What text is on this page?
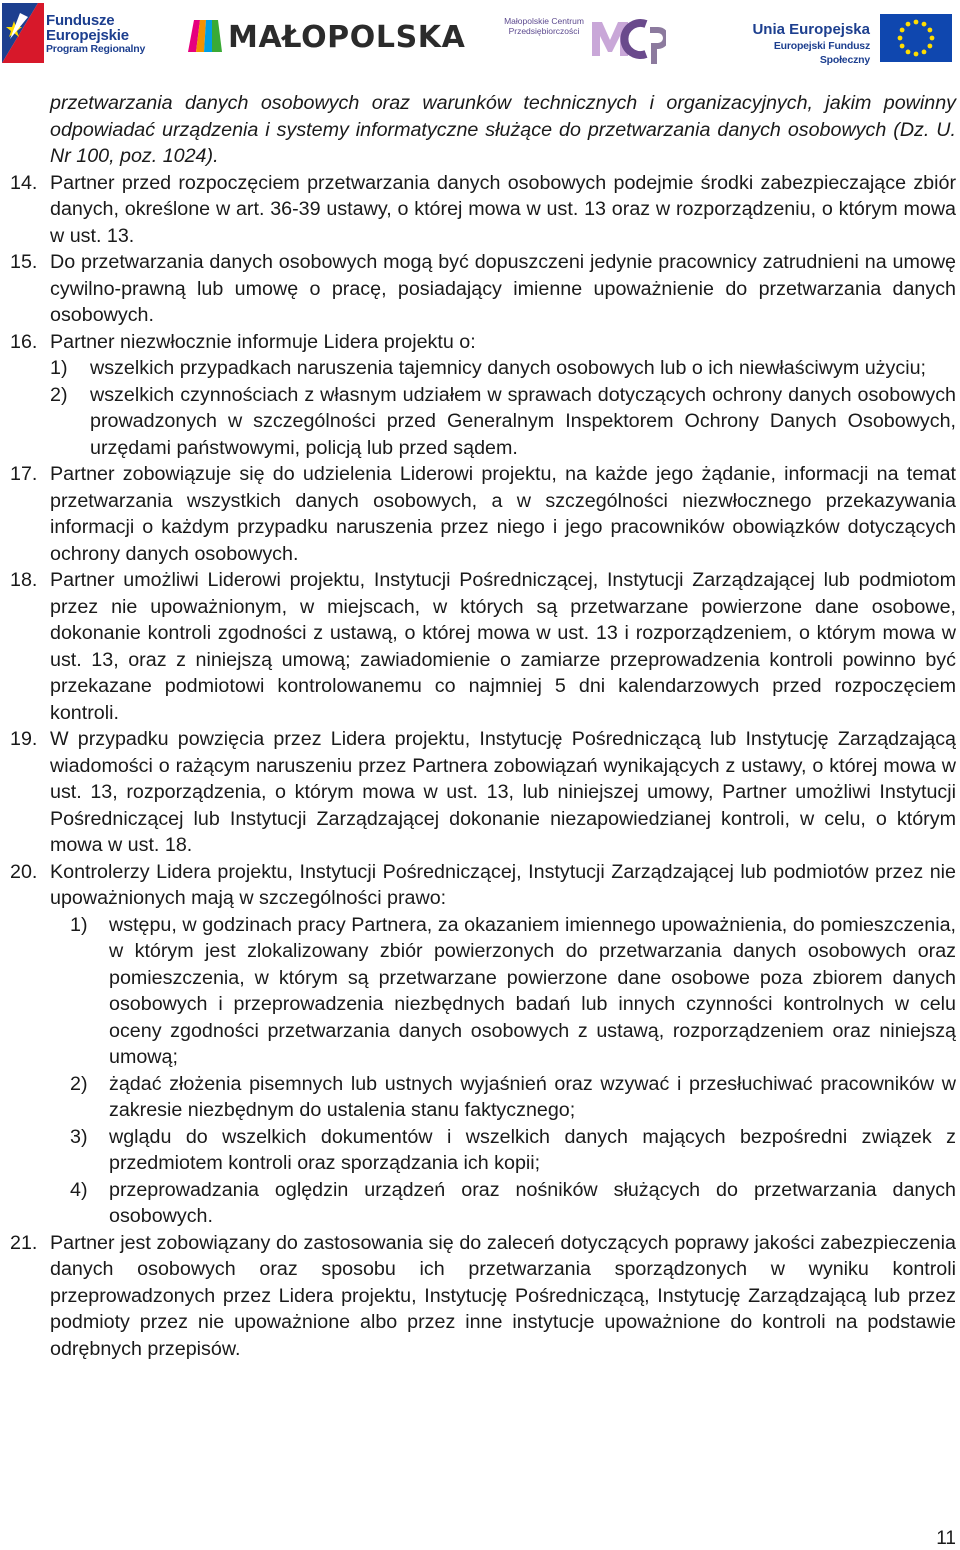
Fundusze
Europejskie
Program Regionalny	MAŁOPOLSKA	Małopolskie Centrum Przedsiębiorczości	Unia Europejska
Europejski Fundusz Społeczny

przetwarzania danych osobowych oraz warunków technicznych i organizacyjnych, jakim powinny odpowiadać urządzenia i systemy informatyczne służące do przetwarzania danych osobowych (Dz. U. Nr 100, poz. 1024).

14. Partner przed rozpoczęciem przetwarzania danych osobowych podejmie środki zabezpieczające zbiór danych, określone w art. 36-39 ustawy, o której mowa w ust. 13 oraz w rozporządzeniu, o którym mowa w ust. 13.
15. Do przetwarzania danych osobowych mogą być dopuszczeni jedynie pracownicy zatrudnieni na umowę cywilno-prawną lub umowę o pracę, posiadający imienne upoważnienie do przetwarzania danych osobowych.
16. Partner niezwłocznie informuje Lidera projektu o:
1) wszelkich przypadkach naruszenia tajemnicy danych osobowych lub o ich niewłaściwym użyciu;
2) wszelkich czynnościach z własnym udziałem w sprawach dotyczących ochrony danych osobowych prowadzonych w szczególności przed Generalnym Inspektorem Ochrony Danych Osobowych, urzędami państwowymi, policją lub przed sądem.
17. Partner zobowiązuje się do udzielenia Liderowi projektu, na każde jego żądanie, informacji na temat przetwarzania wszystkich danych osobowych, a w szczególności niezwłocznego przekazywania informacji o każdym przypadku naruszenia przez niego i jego pracowników obowiązków dotyczących ochrony danych osobowych.
18. Partner umożliwi Liderowi projektu, Instytucji Pośredniczącej, Instytucji Zarządzającej lub podmiotom przez nie upoważnionym, w miejscach, w których są przetwarzane powierzone dane osobowe, dokonanie kontroli zgodności z ustawą, o której mowa w ust. 13 i rozporządzeniem, o którym mowa w ust. 13, oraz z niniejszą umową; zawiadomienie o zamiarze przeprowadzenia kontroli powinno być przekazane podmiotowi kontrolowanemu co najmniej 5 dni kalendarzowych przed rozpoczęciem kontroli.
19. W przypadku powzięcia przez Lidera projektu, Instytucję Pośredniczącą lub Instytucję Zarządzającą wiadomości o rażącym naruszeniu przez Partnera zobowiązań wynikających z ustawy, o której mowa w ust. 13, rozporządzenia, o którym mowa w ust. 13, lub niniejszej umowy, Partner umożliwi Instytucji Pośredniczącej lub Instytucji Zarządzającej dokonanie niezapowiedzianej kontroli, w celu, o którym mowa w ust. 18.
20. Kontrolerzy Lidera projektu, Instytucji Pośredniczącej, Instytucji Zarządzającej lub podmiotów przez nie upoważnionych mają w szczególności prawo:
1) wstępu, w godzinach pracy Partnera, za okazaniem imiennego upoważnienia, do pomieszczenia, w którym jest zlokalizowany zbiór powierzonych do przetwarzania danych osobowych oraz pomieszczenia, w którym są przetwarzane powierzone dane osobowe poza zbiorem danych osobowych i przeprowadzenia niezbędnych badań lub innych czynności kontrolnych w celu oceny zgodności przetwarzania danych osobowych z ustawą, rozporządzeniem oraz niniejszą umową;
2) żądać złożenia pisemnych lub ustnych wyjaśnień oraz wzywać i przesłuchiwać pracowników w zakresie niezbędnym do ustalenia stanu faktycznego;
3) wglądu do wszelkich dokumentów i wszelkich danych mających bezpośredni związek z przedmiotem kontroli oraz sporządzania ich kopii;
4) przeprowadzania oględzin urządzeń oraz nośników służących do przetwarzania danych osobowych.
21. Partner jest zobowiązany do zastosowania się do zaleceń dotyczących poprawy jakości zabezpieczenia danych osobowych oraz sposobu ich przetwarzania sporządzonych w wyniku kontroli przeprowadzonych przez Lidera projektu, Instytucję Pośredniczącą, Instytucję Zarządzającą lub przez podmioty przez nie upoważnione albo przez inne instytucje upoważnione do kontroli na podstawie odrębnych przepisów.
11
